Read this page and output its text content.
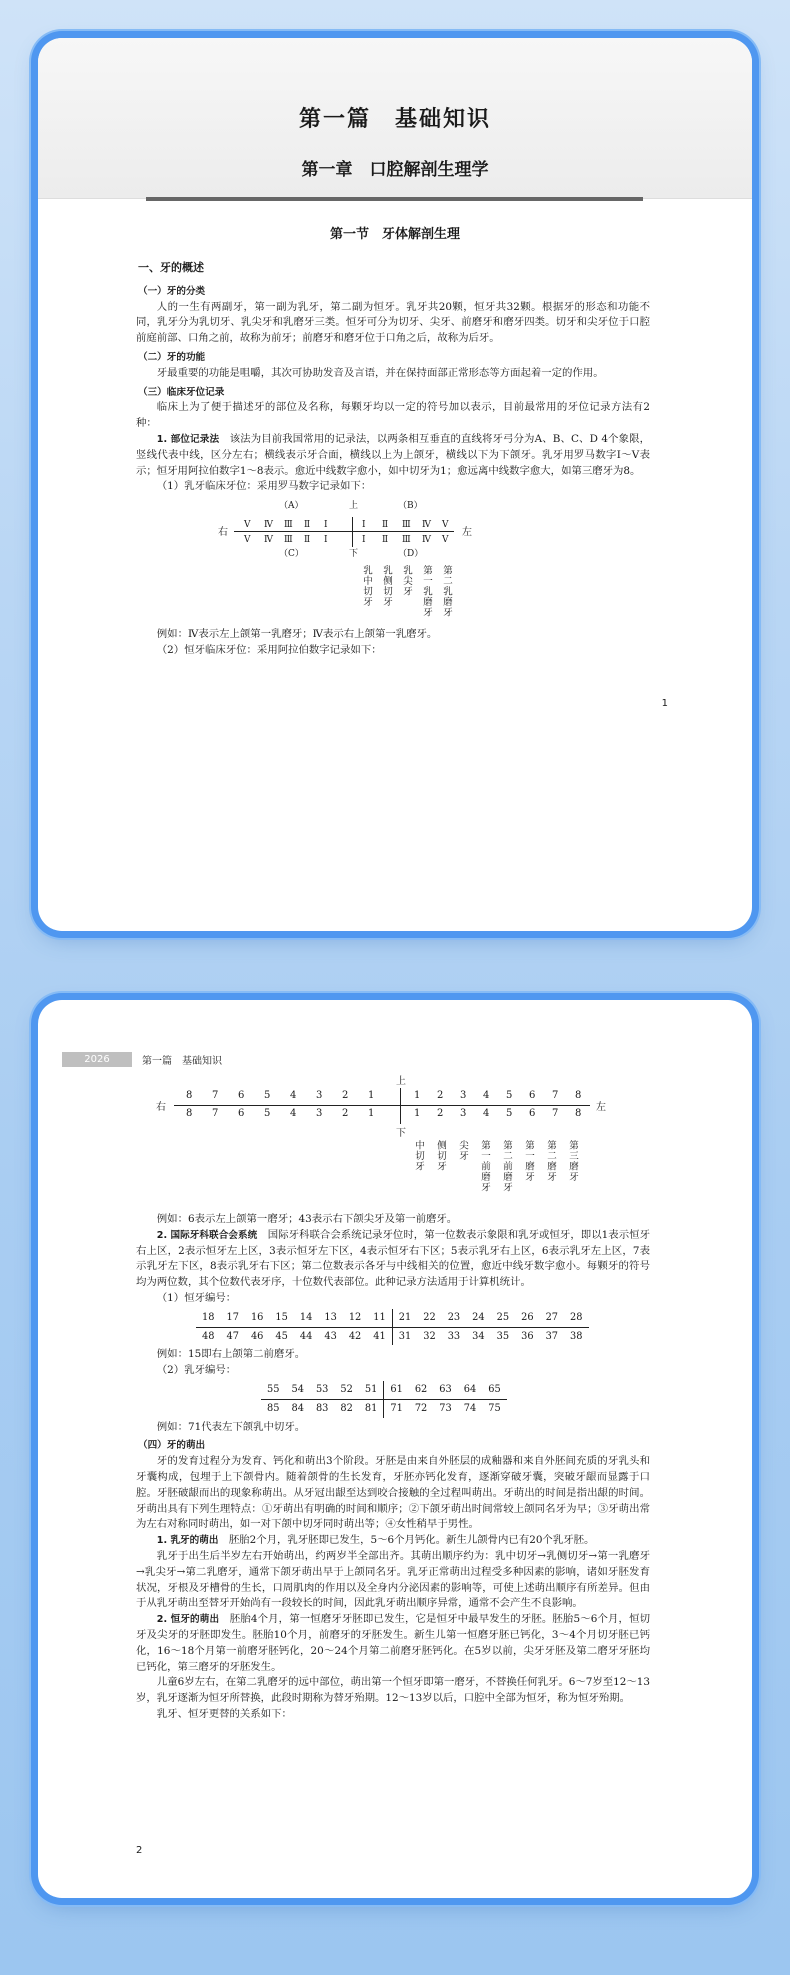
第一篇　基础知识
第一章　口腔解剖生理学
第一节　牙体解剖生理
一、牙的概述
（一）牙的分类

人的一生有两副牙，第一副为乳牙，第二副为恒牙。乳牙共20颗，恒牙共32颗。根据牙的形态和功能不同，乳牙分为乳切牙、乳尖牙和乳磨牙三类。恒牙可分为切牙、尖牙、前磨牙和磨牙四类。切牙和尖牙位于口腔前庭前部、口角之前，故称为前牙；前磨牙和磨牙位于口角之后，故称为后牙。

（二）牙的功能

牙最重要的功能是咀嚼，其次可协助发音及言语，并在保持面部正常形态等方面起着一定的作用。

（三）临床牙位记录

临床上为了便于描述牙的部位及名称，每颗牙均以一定的符号加以表示，目前最常用的牙位记录方法有2种：

1. 部位记录法　 该法为目前我国常用的记录法，以两条相互垂直的直线将牙弓分为A、B、C、D 4个象限，竖线代表中线，区分左右；横线表示牙合面，横线以上为上颌牙，横线以下为下颌牙。乳牙用罗马数字Ⅰ～Ⅴ表示；恒牙用阿拉伯数字1～8表示。愈近中线数字愈小，如中切牙为1；愈远离中线数字愈大，如第三磨牙为8。

（1）乳牙临床牙位：采用罗马数字记录如下：

（A）	上	（B）
右	左
Ⅴ Ⅳ Ⅲ Ⅱ Ⅰ	Ⅰ Ⅱ Ⅲ Ⅳ Ⅴ
Ⅴ Ⅳ Ⅲ Ⅱ Ⅰ	Ⅰ Ⅱ Ⅲ Ⅳ Ⅴ
（C）	下	（D）
乳中切牙 乳侧切牙 乳尖牙 第一乳磨牙 第二乳磨牙

例如：Ⅳ表示左上颌第一乳磨牙；Ⅳ表示右上颌第一乳磨牙。

（2）恒牙临床牙位：采用阿拉伯数字记录如下：

1
2026	第一篇　基础知识
上
右	左
下
8 7 6 5 4 3 2 1	1 2 3 4 5 6 7 8
8 7 6 5 4 3 2 1	1 2 3 4 5 6 7 8
中切牙 侧切牙 尖牙 第一前磨牙 第二前磨牙 第一磨牙 第二磨牙 第三磨牙

例如：6表示左上颌第一磨牙；43表示右下颌尖牙及第一前磨牙。

2. 国际牙科联合会系统　 国际牙科联合会系统记录牙位时，第一位数表示象限和乳牙或恒牙，即以1表示恒牙右上区，2表示恒牙左上区，3表示恒牙左下区，4表示恒牙右下区；5表示乳牙右上区，6表示乳牙左上区，7表示乳牙左下区，8表示乳牙右下区；第二位数表示各牙与中线相关的位置，愈近中线牙数字愈小。每颗牙的符号均为两位数，其个位数代表牙序，十位数代表部位。此种记录方法适用于计算机统计。

（1）恒牙编号：

18	17	16	15	14	13	12	11	21	22	23	24	25	26	27	28
48	47	46	45	44	43	42	41	31	32	33	34	35	36	37	38

例如：15即右上颌第二前磨牙。

（2）乳牙编号：

55	54	53	52	51	61	62	63	64	65
85	84	83	82	81	71	72	73	74	75

例如：71代表左下颌乳中切牙。

（四）牙的萌出

牙的发育过程分为发育、钙化和萌出3个阶段。牙胚是由来自外胚层的成釉器和来自外胚间充质的牙乳头和牙囊构成，包埋于上下颌骨内。随着颌骨的生长发育，牙胚亦钙化发育，逐渐穿破牙囊，突破牙龈而显露于口腔。牙胚破龈而出的现象称萌出。从牙冠出龈至达到咬合接触的全过程叫萌出。牙萌出的时间是指出龈的时间。牙萌出具有下列生理特点：①牙萌出有明确的时间和顺序；②下颌牙萌出时间常较上颌同名牙为早；③牙萌出常为左右对称同时萌出，如一对下颌中切牙同时萌出等；④女性稍早于男性。

1. 乳牙的萌出　 胚胎2个月，乳牙胚即已发生，5～6个月钙化。新生儿颌骨内已有20个乳牙胚。

乳牙于出生后半岁左右开始萌出，约两岁半全部出齐。其萌出顺序约为：乳中切牙→乳侧切牙→第一乳磨牙→乳尖牙→第二乳磨牙，通常下颌牙萌出早于上颌同名牙。乳牙正常萌出过程受多种因素的影响，诸如牙胚发育状况，牙根及牙槽骨的生长，口周肌肉的作用以及全身内分泌因素的影响等，可使上述萌出顺序有所差异。但由于从乳牙萌出至替牙开始尚有一段较长的时间，因此乳牙萌出顺序异常，通常不会产生不良影响。

2. 恒牙的萌出　 胚胎4个月，第一恒磨牙牙胚即已发生，它是恒牙中最早发生的牙胚。胚胎5～6个月，恒切牙及尖牙的牙胚即发生。胚胎10个月，前磨牙的牙胚发生。新生儿第一恒磨牙胚已钙化，3～4个月切牙胚已钙化，16～18个月第一前磨牙胚钙化，20～24个月第二前磨牙胚钙化。在5岁以前，尖牙牙胚及第二磨牙牙胚均已钙化，第三磨牙的牙胚发生。

儿童6岁左右，在第二乳磨牙的远中部位，萌出第一个恒牙即第一磨牙，不替换任何乳牙。6～7岁至12～13岁，乳牙逐渐为恒牙所替换，此段时期称为替牙殆期。12～13岁以后，口腔中全部为恒牙，称为恒牙殆期。

乳牙、恒牙更替的关系如下：

2
